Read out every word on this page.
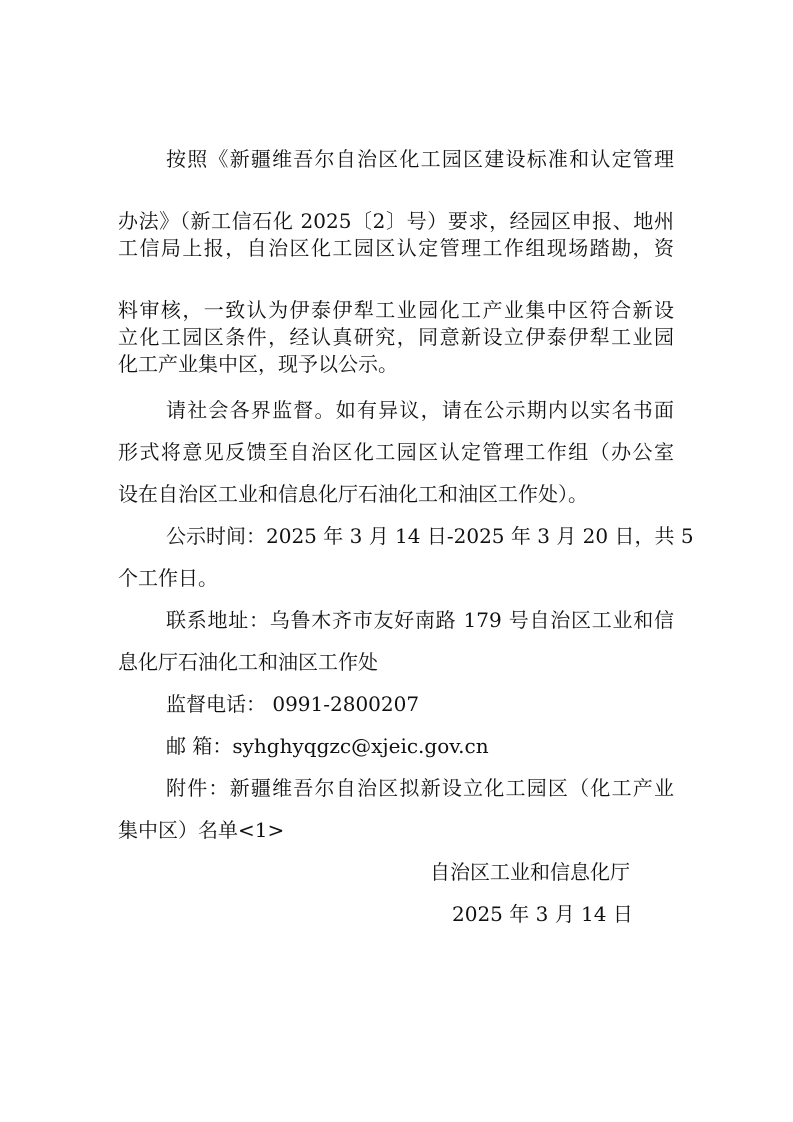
按照《新疆维吾尔自治区化工园区建设标准和认定管理
办法》（新工信石化 2025〔2〕号）要求，经园区申报、地州
工信局上报，自治区化工园区认定管理工作组现场踏勘，资
料审核，一致认为伊泰伊犁工业园化工产业集中区符合新设
立化工园区条件，经认真研究，同意新设立伊泰伊犁工业园
化工产业集中区，现予以公示。
请社会各界监督。如有异议，请在公示期内以实名书面
形式将意见反馈至自治区化工园区认定管理工作组（办公室
设在自治区工业和信息化厅石油化工和油区工作处）。
公示时间：2025 年 3 月 14 日-2025 年 3 月 20 日，共 5
个工作日。
联系地址：乌鲁木齐市友好南路 179 号自治区工业和信
息化厅石油化工和油区工作处
监督电话： 0991-2800207
邮 箱：syhghyqgzc@xjeic.gov.cn
附件：新疆维吾尔自治区拟新设立化工园区（化工产业
集中区）名单<1>
自治区工业和信息化厅
2025 年 3 月 14 日
